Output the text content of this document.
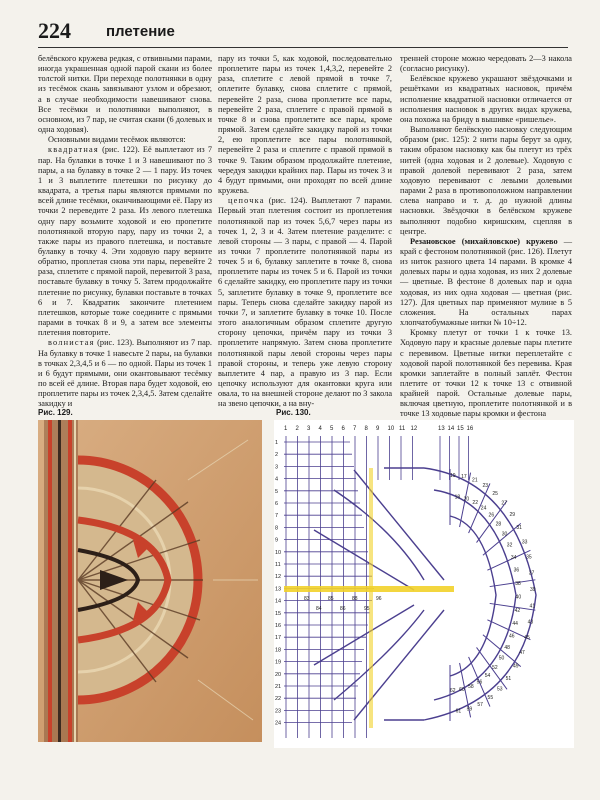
224 плетение

белёвского кружева редкая, с отвивными парами, иногда украшенная одной парой скани из более толстой нитки. При переходе полотнянки в одну из тесёмок скань завязывают узлом и обрезают, а в случае необходимости навешивают снова. Все тесёмки и полотнянки выполняют, в основном, из 7 пар, не считая скани (6 долевых и одна ходовая).

Основными видами тесёмок являются:

квадратная (рис. 122). Её выплетают из 7 пар. На булавки в точке 1 и 3 навешивают по 3 пары, а на булавку в точке 2 — 1 пару. Из точек 1 и 3 выплетите плетешки по рисунку до квадрата, а третья пары являются прямыми по всей длине тесёмки, оканчивающими её. Пару из точки 2 переведите 2 раза. Из левого плетешка одну пару возьмите ходовой и ею пропетите полотнянкой вторую пару, пару из точки 2, а также пары из правого плетешка, и поставьте булавку в точку 4. Эти ходовую пару верните обратно, проплетая снова эти пары, перевейте 2 раза, сплетите с прямой парой, перевитой 3 раза, поставьте булавку в точку 5. Затем продолжайте плетение по рисунку, булавки поставьте в точках 6 и 7. Квадратик закончите плетением плетешков, которые тоже соедините с прямыми парами в точках 8 и 9, а затем все элементы плетения повторите.

волнистая (рис. 123). Выполняют из 7 пар. На булавку в точке 1 навесьте 2 пары, на булавки в точках 2,3,4,5 и 6 — по одной. Пары из точек 1 и 6 будут прямыми, они окантовывают тесёмку по всей её длине. Вторая пара будет ходовой, ею проплетите пары из точек 2,3,4,5. Затем сделайте закидку и

пару из точки 5, как ходовой, последовательно проплетите пары из точек 1,4,3,2, перевейте 2 раза, сплетите с левой прямой в точке 7, оплетите булавку, снова сплетите с прямой, перевейте 2 раза, снова проплетите все пары, перевейте 2 раза, сплетите с правой прямой в точке 8 и снова проплетите все пары, кроме прямой. Затем сделайте закидку парой из точки 2, ею проплетите все пары полотнянкой, перевейте 2 раза и сплетите с правой прямой в точке 9. Таким образом продолжайте плетение, чередуя закидки крайних пар. Пары из точек 3 и 4 будут прямыми, они проходят по всей длине кружева.

цепочка (рис. 124). Выплетают 7 парами. Первый этап плетения состоит из проплетения полотнянкой пар из точек 5,6,7 через пары из точек 1, 2, 3 и 4. Затем плетение разделите: с левой стороны — 3 пары, с правой — 4. Парой из точки 7 проплетите полотнянкой пары из точек 5 и 6, булавку заплетите в точке 8, снова проплетите пары из точек 5 и 6. Парой из точки 6 сделайте закидку, ею проплетите пару из точки 5, заплетите булавку в точке 9, проплетите все пары. Теперь снова сделайте закидку парой из точки 7, и заплетите булавку в точке 10. После этого аналогичным образом сплетите другую сторону цепочки, причём пару из точки 3 проплетите напрямую. Затем снова проплетите полотнянкой пары левой стороны через пары правой стороны, и теперь уже левую сторону выплетите 4 пар, а правую из 3 пар. Если цепочку используют для окантовки круга или овала, то на внешней стороне делают по 3 закола на звено цепочки, а на вну-

тренней стороне можно чередовать 2—3 накола (согласно рисунку).

Белёвское кружево украшают звёздочками и решётками из квадратных насновок, причём исполнение квадратной насновки отличается от исполнения насновок в других видах кружева, она похожа на бриду в вышивке «ришелье».

Выполняют белёвскую насновку следующим образом (рис. 125): 2 нити пары берут за одну, таким образом насновку как бы плетут из трёх нитей (одна ходовая и 2 долевые). Ходовую с правой долевой перевивают 2 раза, затем ходовую перевивают с левыми долевыми парами 2 раза в противоположном направлении слева направо и т. д. до нужной длины насновки. Звёздочки в белёвском кружеве выполняют подобно киришским, сцепляя в центре.

Резановское (михайловское) кружево — край с фестоном полотнянкой (рис. 126). Плетут из ниток разного цвета 14 парами. В кромке 4 долевых пары и одна ходовая, из них 2 долевые — цветные. В фестоне 8 долевых пар и одна ходовая, из них одна ходовая — цветная (рис. 127). Для цветных пар применяют мулине в 5 сложения. На остальных парах хлопчатобумажные нитки № 10÷12.

Кромку плетут от точки 1 к точке 13. Ходовую пару и красные долевые пары плетите с перевивом. Цветные нитки переплетайте с ходовой парой полотнянкой без перевива. Края кромки заплетайте в полный заплёт. Фестон плетите от точки 12 к точке 13 с отвивной крайней парой. Остальные долевые пары, включая цветную, проплетите полотнянкой и в точке 13 ходовые пары кромки и фестона

Рис. 129.	Рис. 130.
1 2 3 4 5 6 7 8 9 10 11 12	13 14 15 16
1
2
3
4
5
6
7
8
9
10
11
12
13
14
15
16
17
18
19
20
21
22
23
24
19
18
17
20
21
22
23
24
25
26
27
28
29
30
31
32
33
34 35
36 37
38
39
40
41
42
43
44
45
46
47
48
49
50
51
52
53
54
55
56
57
58
59
60
61
62
83
84
85
86
88
95
96
